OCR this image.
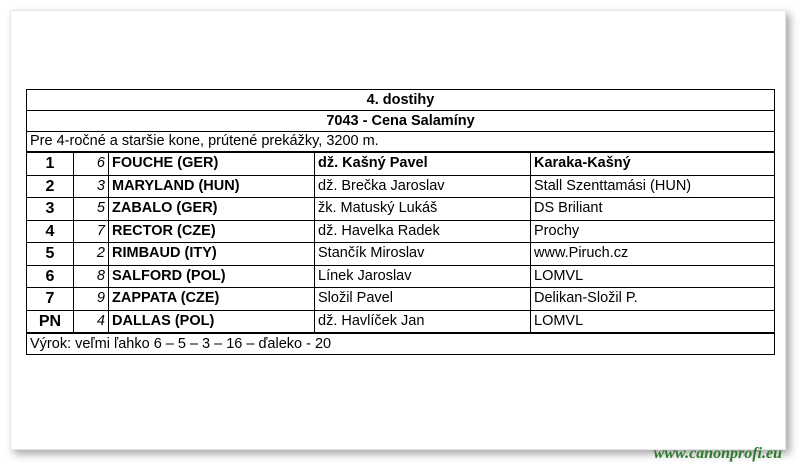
4. dostihy				
7043 - Cena Salamíny				
Pre 4-ročné a staršie kone, prútené prekážky, 3200 m.				
1	6	FOUCHE (GER)	dž. Kašný Pavel	Karaka-Kašný
2	3	MARYLAND (HUN)	dž. Brečka Jaroslav	Stall Szenttamási (HUN)
3	5	ZABALO (GER)	žk. Matuský Lukáš	DS Briliant
4	7	RECTOR (CZE)	dž. Havelka Radek	Prochy
5	2	RIMBAUD (ITY)	Stančík Miroslav	www.Piruch.cz
6	8	SALFORD (POL)	Línek Jaroslav	LOMVL
7	9	ZAPPATA (CZE)	Složil Pavel	Delikan-Složil P.
PN	4	DALLAS (POL)	dž. Havlíček Jan	LOMVL
Výrok: veľmi ľahko 6 – 5 – 3 – 16 – ďaleko - 20				
www.canonprofi.eu
